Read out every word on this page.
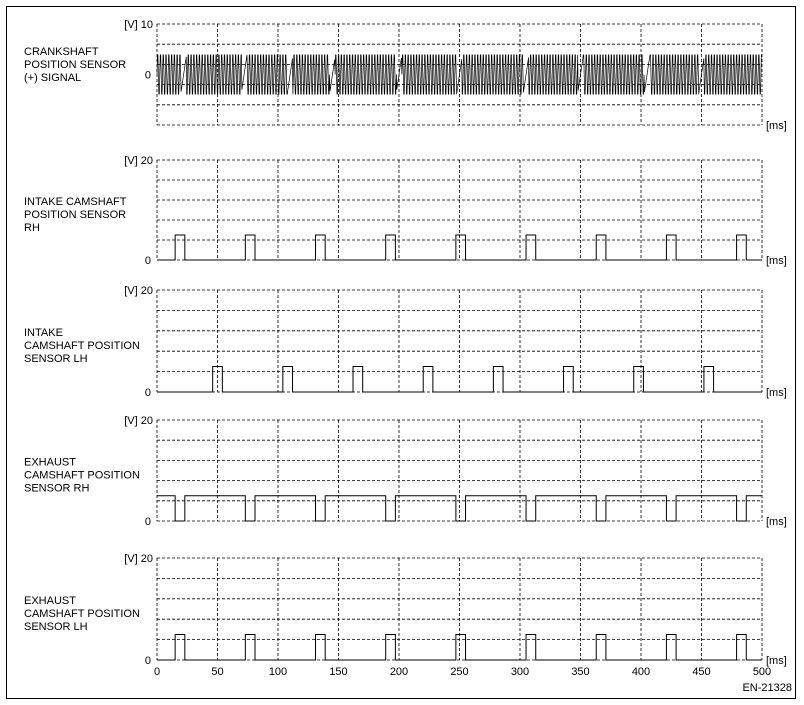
[V] 10
0
[ms]
CRANKSHAFT
POSITION SENSOR
(+) SIGNAL
[V] 20
0	[ms]
INTAKE CAMSHAFT
POSITION SENSOR
RH
[V] 20
0	[ms]
INTAKE
CAMSHAFT POSITION
SENSOR LH
[V] 20
0	[ms]
EXHAUST
CAMSHAFT POSITION
SENSOR RH
[V] 20
0	[ms]
EXHAUST
CAMSHAFT POSITION
SENSOR LH
0	50	100	150	200	250	300	350	400	450	500
EN-21328
